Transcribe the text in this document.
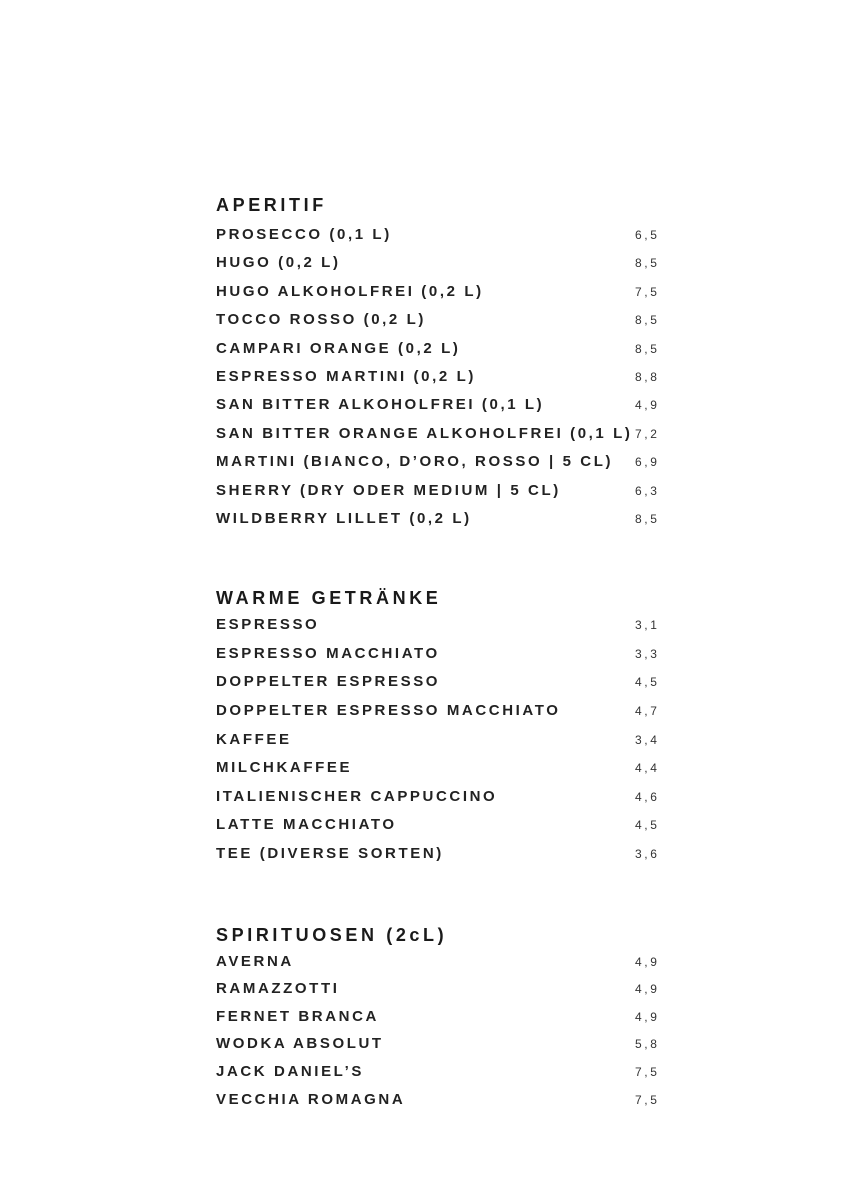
APERITIF
PROSECCO (0,1 L)	6,5
HUGO (0,2 L)	8,5
HUGO ALKOHOLFREI (0,2 L)	7,5
TOCCO ROSSO (0,2 L)	8,5
CAMPARI ORANGE (0,2 L)	8,5
ESPRESSO MARTINI (0,2 L)	8,8
SAN BITTER ALKOHOLFREI (0,1 L)	4,9
SAN BITTER ORANGE ALKOHOLFREI (0,1 L) 7,2
MARTINI (BIANCO, D’ORO, ROSSO | 5 CL) 6,9
SHERRY (DRY ODER MEDIUM | 5 CL)	6,3
WILDBERRY LILLET (0,2 L)	8,5
WARME GETRÄNKE
ESPRESSO	3,1
ESPRESSO MACCHIATO	3,3
DOPPELTER ESPRESSO	4,5
DOPPELTER ESPRESSO MACCHIATO	4,7
KAFFEE	3,4
MILCHKAFFEE	4,4
ITALIENISCHER CAPPUCCINO	4,6
LATTE MACCHIATO	4,5
TEE (DIVERSE SORTEN)	3,6
SPIRITUOSEN (2cL)
AVERNA	4,9
RAMAZZOTTI	4,9
FERNET BRANCA	4,9
WODKA ABSOLUT	5,8
JACK DANIEL’S	7,5
VECCHIA ROMAGNA	7,5
